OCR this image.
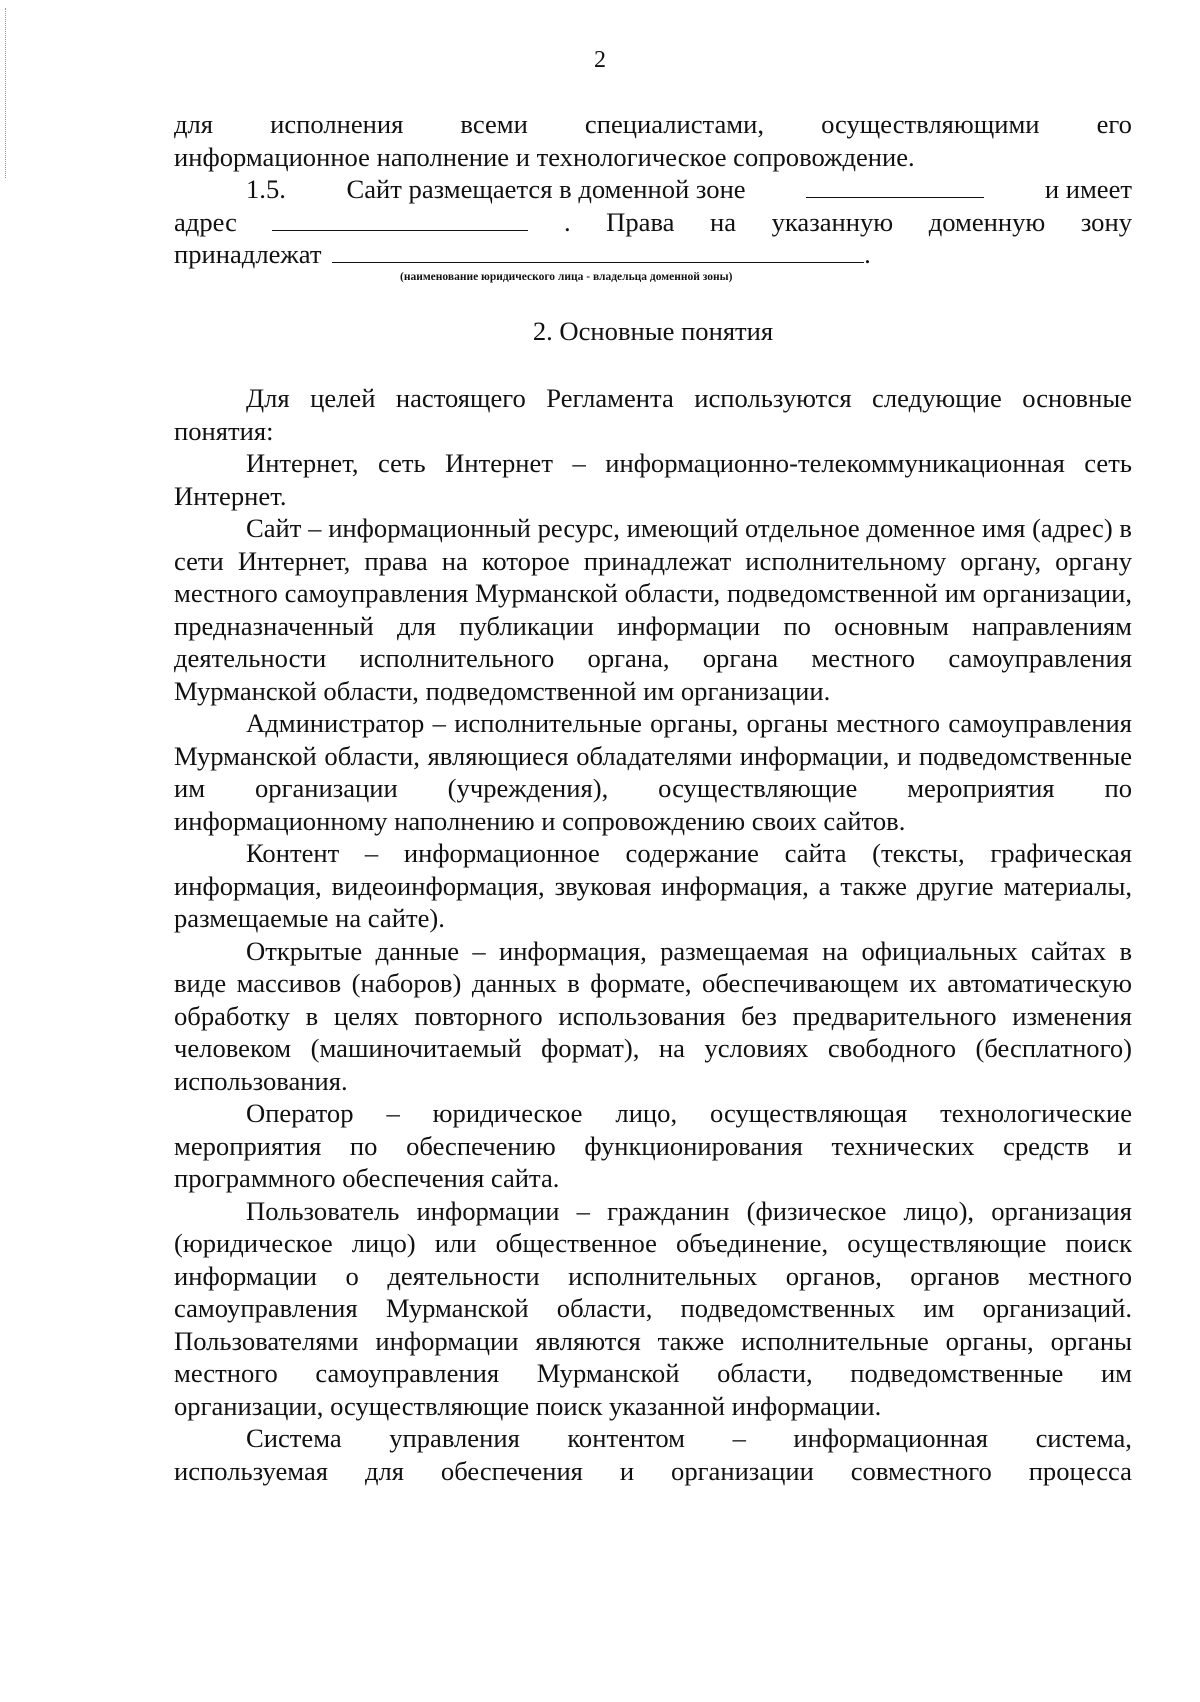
2
для исполнения всеми специалистами, осуществляющими его

информационное наполнение и технологическое сопровождение.

1.5. Сайт размещается в доменной зоне	и имеет
адрес	. Права на указанную доменную зону
принадлежат	.
(наименование юридического лица - владельца доменной зоны)
2. Основные понятия

Для целей настоящего Регламента используются следующие основные понятия:

Интернет, сеть Интернет – информационно-телекоммуникационная сеть Интернет.

Сайт – информационный ресурс, имеющий отдельное доменное имя (адрес) в сети Интернет, права на которое принадлежат исполнительному органу, органу местного самоуправления Мурманской области, подведомственной им организации, предназначенный для публикации информации по основным направлениям деятельности исполнительного органа, органа местного самоуправления Мурманской области, подведомственной им организации.

Администратор – исполнительные органы, органы местного самоуправления Мурманской области, являющиеся обладателями информации, и подведомственные им организации (учреждения), осуществляющие мероприятия по информационному наполнению и сопровождению своих сайтов.

Контент – информационное содержание сайта (тексты, графическая информация, видеоинформация, звуковая информация, а также другие материалы, размещаемые на сайте).

Открытые данные – информация, размещаемая на официальных сайтах в виде массивов (наборов) данных в формате, обеспечивающем их автоматическую обработку в целях повторного использования без предварительного изменения человеком (машиночитаемый формат), на условиях свободного (бесплатного) использования.

Оператор – юридическое лицо, осуществляющая технологические мероприятия по обеспечению функционирования технических средств и программного обеспечения сайта.

Пользователь информации – гражданин (физическое лицо), организация (юридическое лицо) или общественное объединение, осуществляющие поиск информации о деятельности исполнительных органов, органов местного самоуправления Мурманской области, подведомственных им организаций. Пользователями информации являются также исполнительные органы, органы местного самоуправления Мурманской области, подведомственные им организации, осуществляющие поиск указанной информации.

Система управления контентом – информационная система,
используемая для обеспечения и организации совместного процесса
